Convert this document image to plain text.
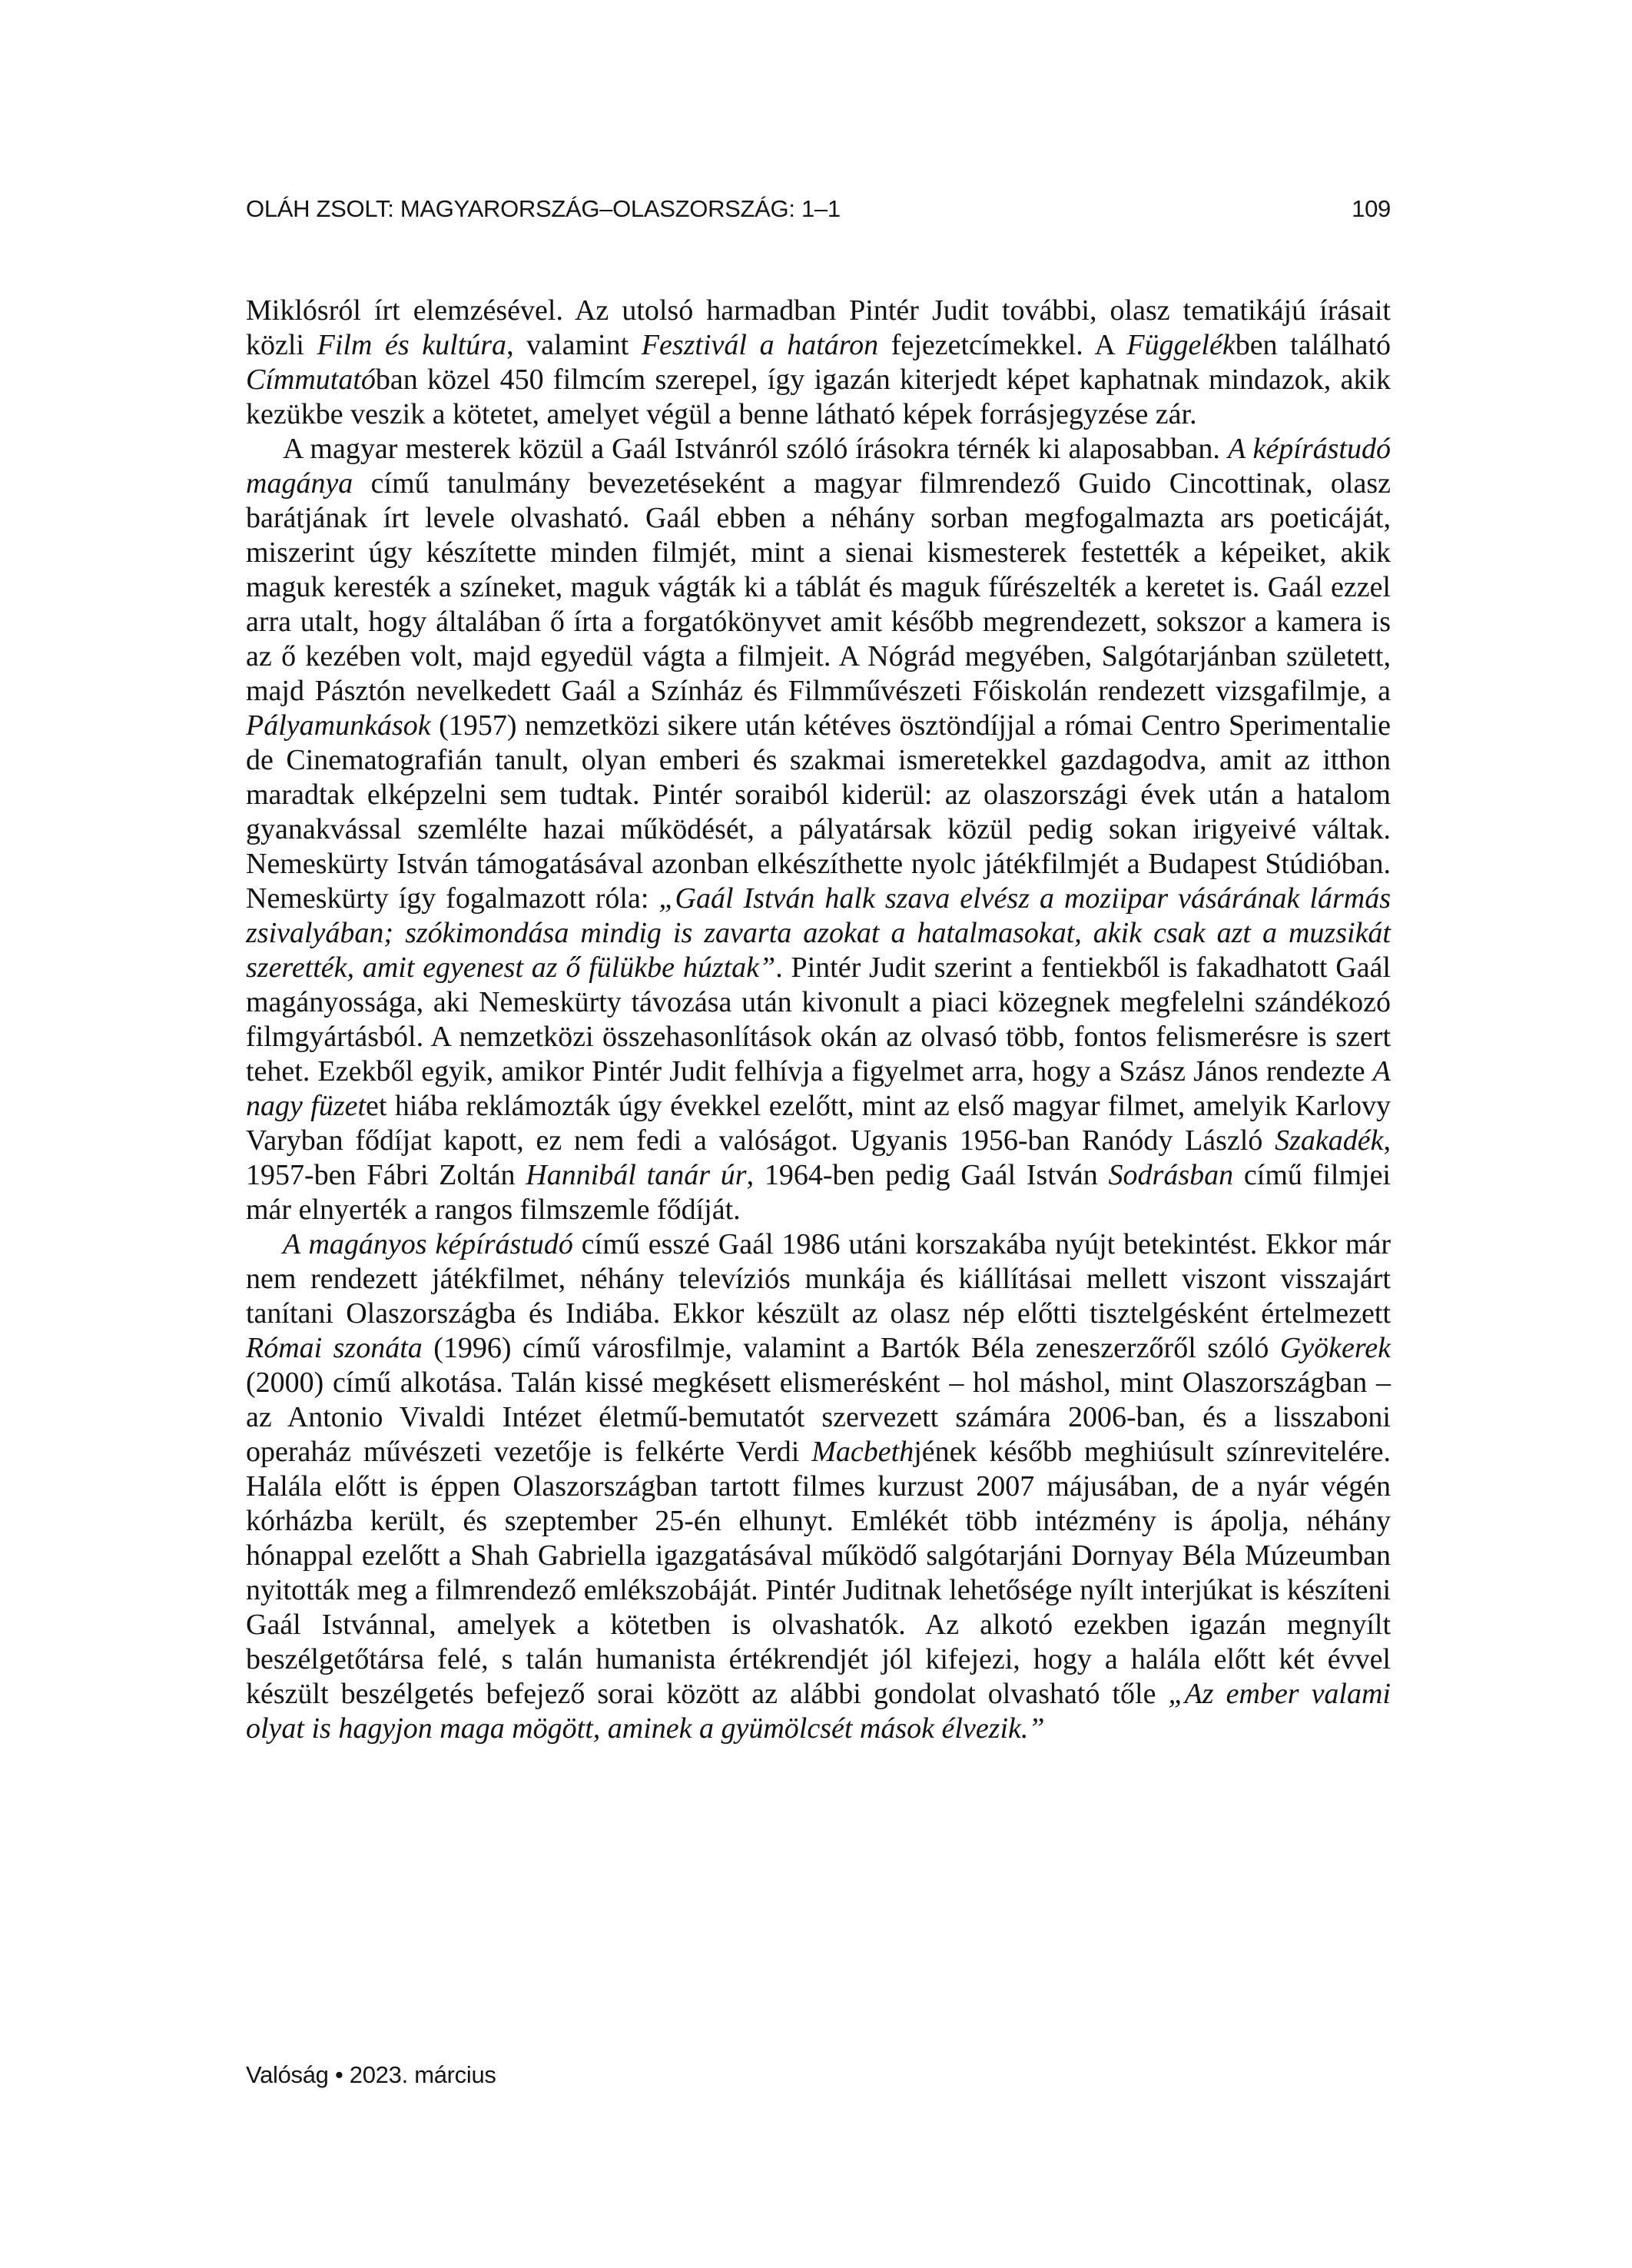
OLÁH ZSOLT: MAGYARORSZÁG–OLASZORSZÁG: 1–1	109

Miklósról írt elemzésével. Az utolsó harmadban Pintér Judit további, olasz tematikájú írásait közli Film és kultúra, valamint Fesztivál a határon fejezetcímekkel. A Függelékben található Címmutatóban közel 450 filmcím szerepel, így igazán kiterjedt képet kaphatnak mindazok, akik kezükbe veszik a kötetet, amelyet végül a benne látható képek forrásjegyzése zár.

A magyar mesterek közül a Gaál Istvánról szóló írásokra térnék ki alaposabban. A képírástudó magánya című tanulmány bevezetéseként a magyar filmrendező Guido Cincottinak, olasz barátjának írt levele olvasható. Gaál ebben a néhány sorban megfogalmazta ars poeticáját, miszerint úgy készítette minden filmjét, mint a sienai kismesterek festették a képeiket, akik maguk keresték a színeket, maguk vágták ki a táblát és maguk fűrészelték a keretet is. Gaál ezzel arra utalt, hogy általában ő írta a forgatókönyvet amit később megrendezett, sokszor a kamera is az ő kezében volt, majd egyedül vágta a filmjeit. A Nógrád megyében, Salgótarjánban született, majd Pásztón nevelkedett Gaál a Színház és Filmművészeti Főiskolán rendezett vizsgafilmje, a Pályamunkások (1957) nemzetközi sikere után kétéves ösztöndíjjal a római Centro Sperimentalie de Cinematografián tanult, olyan emberi és szakmai ismeretekkel gazdagodva, amit az itthon maradtak elképzelni sem tudtak. Pintér soraiból kiderül: az olaszországi évek után a hatalom gyanakvással szemlélte hazai működését, a pályatársak közül pedig sokan irigyeivé váltak. Nemeskürty István támogatásával azonban elkészíthette nyolc játékfilmjét a Budapest Stúdióban. Nemeskürty így fogalmazott róla: „Gaál István halk szava elvész a moziipar vásárának lármás zsivalyában; szókimondása mindig is zavarta azokat a hatalmasokat, akik csak azt a muzsikát szerették, amit egyenest az ő fülükbe húztak”. Pintér Judit szerint a fentiekből is fakadhatott Gaál magányossága, aki Nemeskürty távozása után kivonult a piaci közegnek megfelelni szándékozó filmgyártásból. A nemzetközi összehasonlítások okán az olvasó több, fontos felismerésre is szert tehet. Ezekből egyik, amikor Pintér Judit felhívja a figyelmet arra, hogy a Szász János rendezte A nagy füzetet hiába reklámozták úgy évekkel ezelőtt, mint az első magyar filmet, amelyik Karlovy Varyban fődíjat kapott, ez nem fedi a valóságot. Ugyanis 1956-ban Ranódy László Szakadék, 1957-ben Fábri Zoltán Hannibál tanár úr, 1964-ben pedig Gaál István Sodrásban című filmjei már elnyerték a rangos filmszemle fődíját.

A magányos képírástudó című esszé Gaál 1986 utáni korszakába nyújt betekintést. Ekkor már nem rendezett játékfilmet, néhány televíziós munkája és kiállításai mellett viszont visszajárt tanítani Olaszországba és Indiába. Ekkor készült az olasz nép előtti tisztelgésként értelmezett Római szonáta (1996) című városfilmje, valamint a Bartók Béla zeneszerzőről szóló Gyökerek (2000) című alkotása. Talán kissé megkésett elismerésként – hol máshol, mint Olaszországban – az Antonio Vivaldi Intézet életmű-bemutatót szervezett számára 2006-ban, és a lisszaboni operaház művészeti vezetője is felkérte Verdi Macbethjének később meghiúsult színrevitelére. Halála előtt is éppen Olaszországban tartott filmes kurzust 2007 májusában, de a nyár végén kórházba került, és szeptember 25-én elhunyt. Emlékét több intézmény is ápolja, néhány hónappal ezelőtt a Shah Gabriella igazgatásával működő salgótarjáni Dornyay Béla Múzeumban nyitották meg a filmrendező emlékszobáját. Pintér Juditnak lehetősége nyílt interjúkat is készíteni Gaál Istvánnal, amelyek a kötetben is olvashatók. Az alkotó ezekben igazán megnyílt beszélgetőtársa felé, s talán humanista értékrendjét jól kifejezi, hogy a halála előtt két évvel készült beszélgetés befejező sorai között az alábbi gondolat olvasható tőle „Az ember valami olyat is hagyjon maga mögött, aminek a gyümölcsét mások élvezik.”

Valóság • 2023. március
